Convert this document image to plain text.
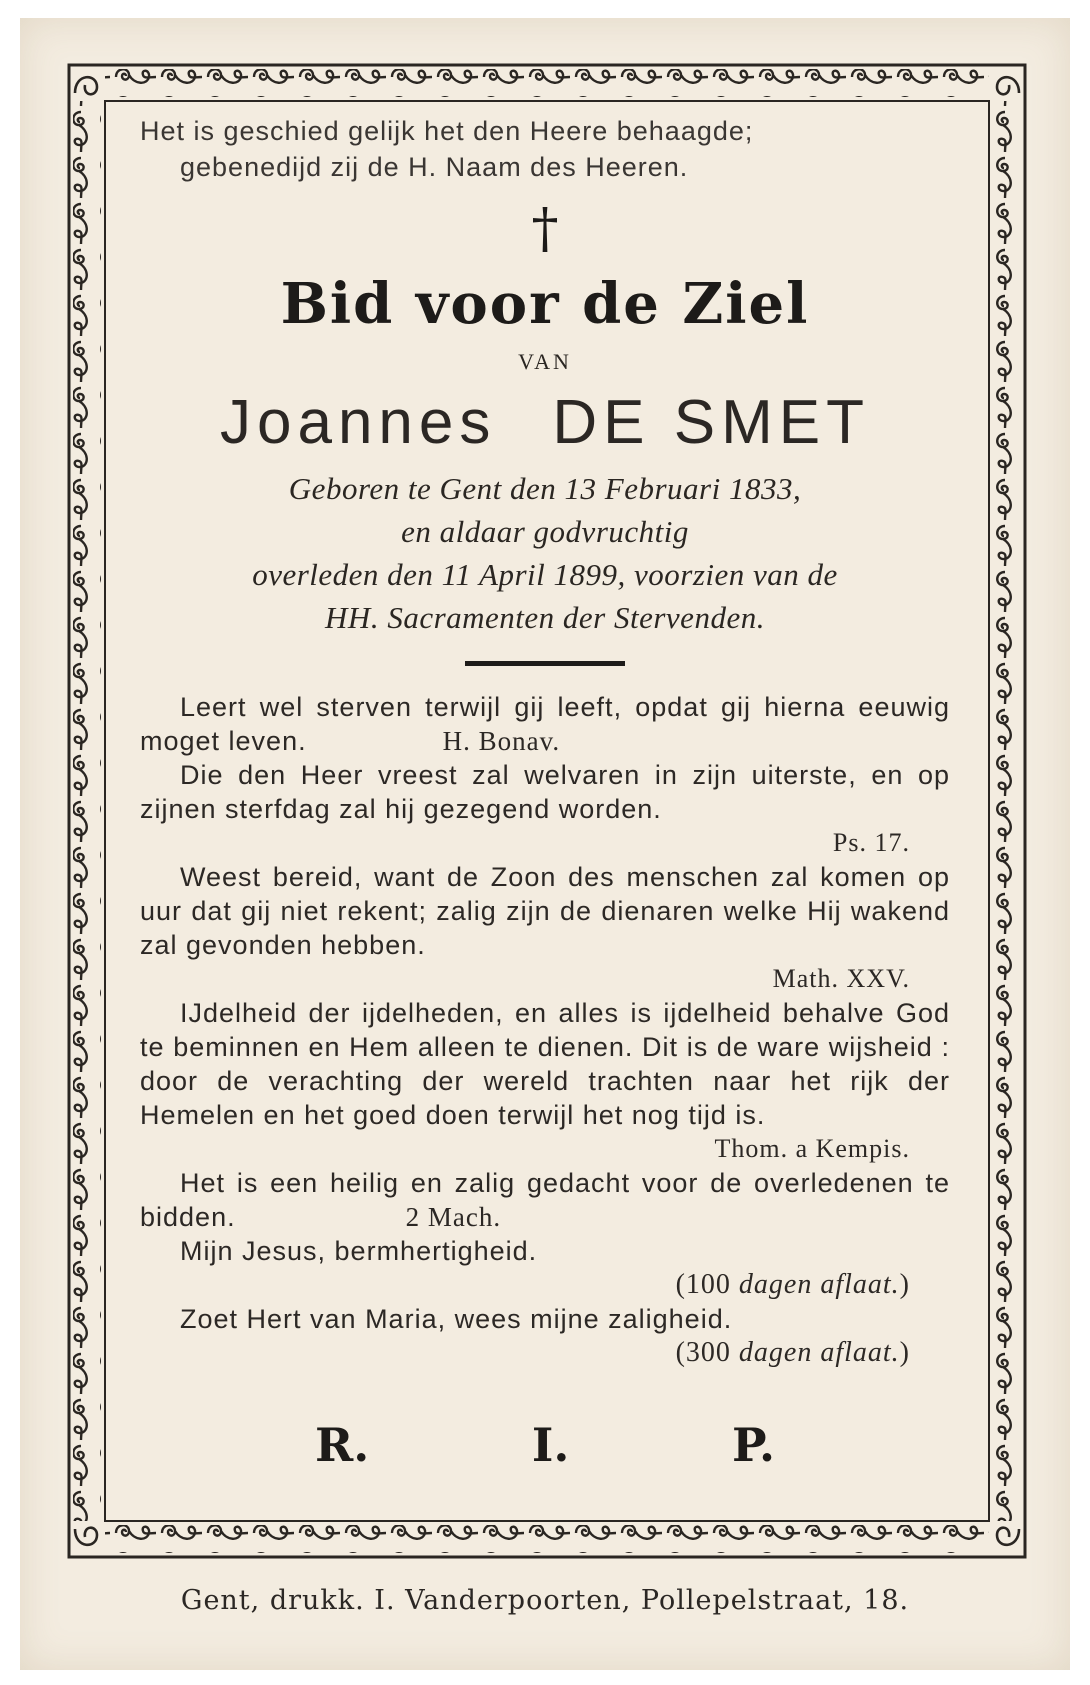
Het is geschied gelijk het den Heere behaagde;
gebenedijd zij de H. Naam des Heeren.

†
Bid voor de Ziel
VAN
Joannes DE SMET
Geboren te Gent den 13 Februari 1833,
en aldaar godvruchtig
overleden den 11 April 1899, voorzien van de
HH. Sacramenten der Stervenden.

Leert wel sterven terwijl gij leeft, opdat gij hierna eeuwig moget leven.	H. Bonav.

Die den Heer vreest zal welvaren in zijn uiterste, en op zijnen sterfdag zal hij gezegend worden.

Ps. 17.

Weest bereid, want de Zoon des menschen zal komen op uur dat gij niet rekent; zalig zijn de dienaren welke Hij wakend zal gevonden hebben.

Math. XXV.

IJdelheid der ijdelheden, en alles is ijdelheid behalve God te beminnen en Hem alleen te dienen. Dit is de ware wijsheid : door de verachting der wereld trachten naar het rijk der Hemelen en het goed doen terwijl het nog tijd is.

Thom. a Kempis.

Het is een heilig en zalig gedacht voor de overledenen te bidden.	2 Mach.

Mijn Jesus, bermhertigheid.

(100 dagen aflaat.)

Zoet Hert van Maria, wees mijne zaligheid.

(300 dagen aflaat.)
R.	I.	P.
Gent, drukk. I. Vanderpoorten, Pollepelstraat, 18.
